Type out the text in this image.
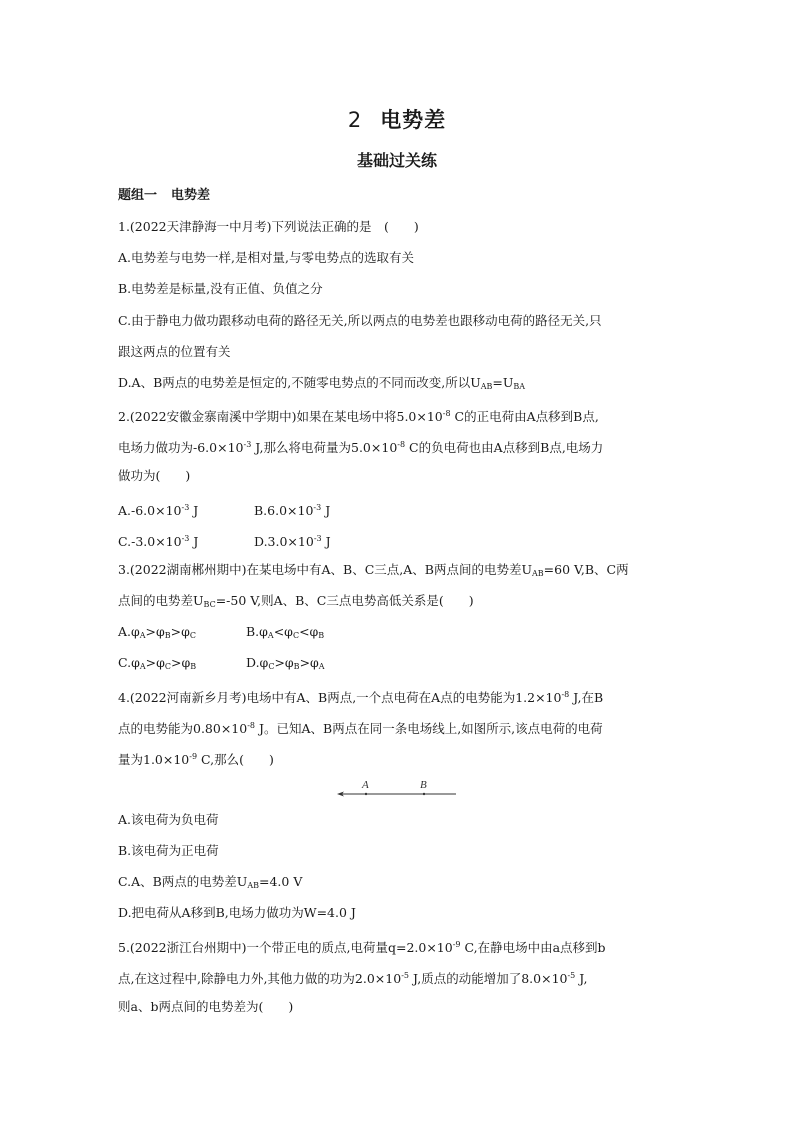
2 电势差
基础过关练
题组一 电势差
1.(2022天津静海一中月考)下列说法正确的是　(　　)
A.电势差与电势一样,是相对量,与零电势点的选取有关
B.电势差是标量,没有正值、负值之分
C.由于静电力做功跟移动电荷的路径无关,所以两点的电势差也跟移动电荷的路径无关,只
跟这两点的位置有关
D.A、B两点的电势差是恒定的,不随零电势点的不同而改变,所以$U_{AB}=U_{BA}$
2.(2022安徽金寨南溪中学期中)如果在某电场中将$5.0\times 10^{-8}$ C的正电荷由A点移到B点,
电场力做功为$-6.0\times 10^{-3}$ J,那么将电荷量为$5.0\times 10^{-8}$ C的负电荷也由A点移到B点,电场力
做功为(　　)
$A.-6.0\times 10^{-3}$ J	$B.6.0\times 10^{-3}$ J
$C.-3.0\times 10^{-3}$ J	$D.3.0\times 10^{-3}$ J
3.(2022湖南郴州期中)在某电场中有A、B、C三点,A、B两点间的电势差$U_{AB}=60$ V,B、C两
点间的电势差$U_{BC}=-50$ V,则A、B、C三点电势高低关系是(　　)
$A.\varphi_A>\varphi_B>\varphi_C$	$B.\varphi_A<\varphi_C<\varphi_B$
$C.\varphi_A>\varphi_C>\varphi_B$	$D.\varphi_C>\varphi_B>\varphi_A$
4.(2022河南新乡月考)电场中有A、B两点,一个点电荷在A点的电势能为$1.2\times 10^{-8}$ J,在B
点的电势能为$0.80\times 10^{-8}$ J。已知A、B两点在同一条电场线上,如图所示,该点电荷的电荷
量为$1.0\times 10^{-9}$ C,那么(　　)
A	B
A.该电荷为负电荷
B.该电荷为正电荷
C.A、B两点的电势差$U_{AB}=4.0$ V
D.把电荷从A移到B,电场力做功为W=4.0 J
5.(2022浙江台州期中)一个带正电的质点,电荷量$q=2.0\times 10^{-9}$ C,在静电场中由a点移到b
点,在这过程中,除静电力外,其他力做的功为$2.0\times 10^{-5}$ J,质点的动能增加了$8.0\times 10^{-5}$ J,
则a、b两点间的电势差为(　　)
